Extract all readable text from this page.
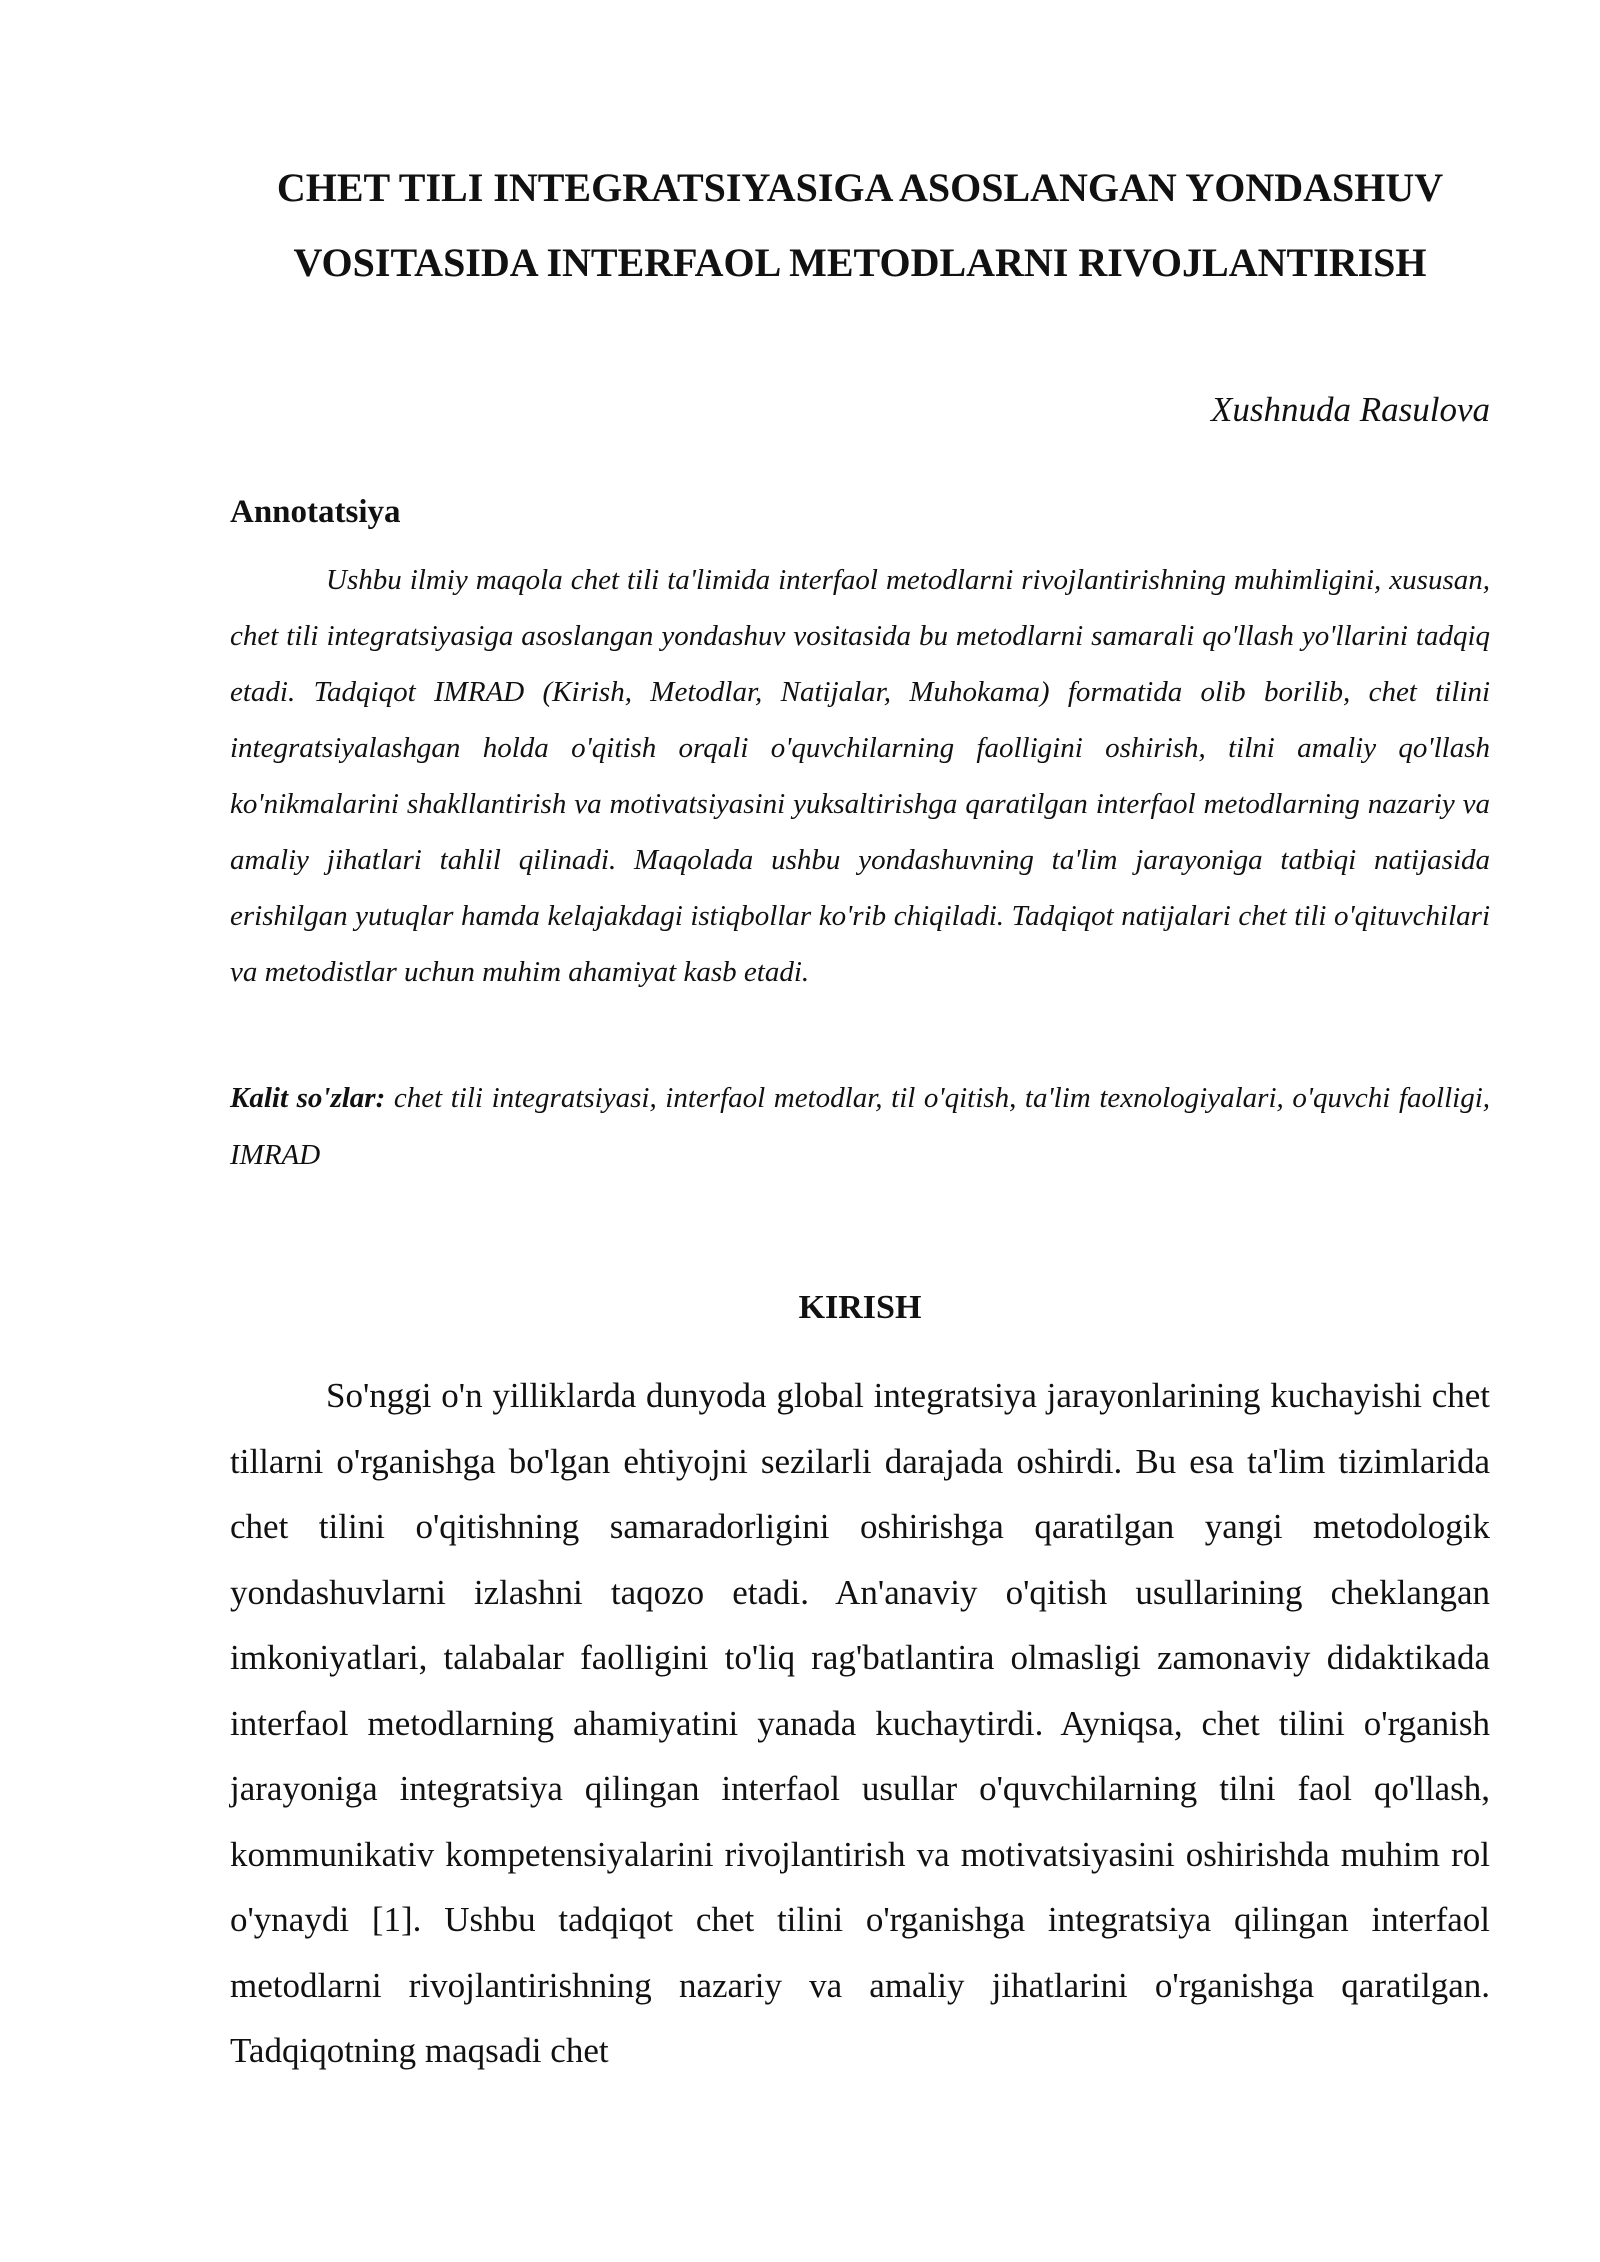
CHET TILI INTEGRATSIYASIGA ASOSLANGAN YONDASHUV VOSITASIDA INTERFAOL METODLARNI RIVOJLANTIRISH

Xushnuda Rasulova

Annotatsiya

Ushbu ilmiy maqola chet tili ta'limida interfaol metodlarni rivojlantirishning muhimligini, xususan, chet tili integratsiyasiga asoslangan yondashuv vositasida bu metodlarni samarali qo'llash yo'llarini tadqiq etadi. Tadqiqot IMRAD (Kirish, Metodlar, Natijalar, Muhokama) formatida olib borilib, chet tilini integratsiyalashgan holda o'qitish orqali o'quvchilarning faolligini oshirish, tilni amaliy qo'llash ko'nikmalarini shakllantirish va motivatsiyasini yuksaltirishga qaratilgan interfaol metodlarning nazariy va amaliy jihatlari tahlil qilinadi. Maqolada ushbu yondashuvning ta'lim jarayoniga tatbiqi natijasida erishilgan yutuqlar hamda kelajakdagi istiqbollar ko'rib chiqiladi. Tadqiqot natijalari chet tili o'qituvchilari va metodistlar uchun muhim ahamiyat kasb etadi.

Kalit so'zlar: chet tili integratsiyasi, interfaol metodlar, til o'qitish, ta'lim texnologiyalari, o'quvchi faolligi, IMRAD

KIRISH

So'nggi o'n yilliklarda dunyoda global integratsiya jarayonlarining kuchayishi chet tillarni o'rganishga bo'lgan ehtiyojni sezilarli darajada oshirdi. Bu esa ta'lim tizimlarida chet tilini o'qitishning samaradorligini oshirishga qaratilgan yangi metodologik yondashuvlarni izlashni taqozo etadi. An'anaviy o'qitish usullarining cheklangan imkoniyatlari, talabalar faolligini to'liq rag'batlantira olmasligi zamonaviy didaktikada interfaol metodlarning ahamiyatini yanada kuchaytirdi. Ayniqsa, chet tilini o'rganish jarayoniga integratsiya qilingan interfaol usullar o'quvchilarning tilni faol qo'llash, kommunikativ kompetensiyalarini rivojlantirish va motivatsiyasini oshirishda muhim rol o'ynaydi [1]. Ushbu tadqiqot chet tilini o'rganishga integratsiya qilingan interfaol metodlarni rivojlantirishning nazariy va amaliy jihatlarini o'rganishga qaratilgan. Tadqiqotning maqsadi chet
